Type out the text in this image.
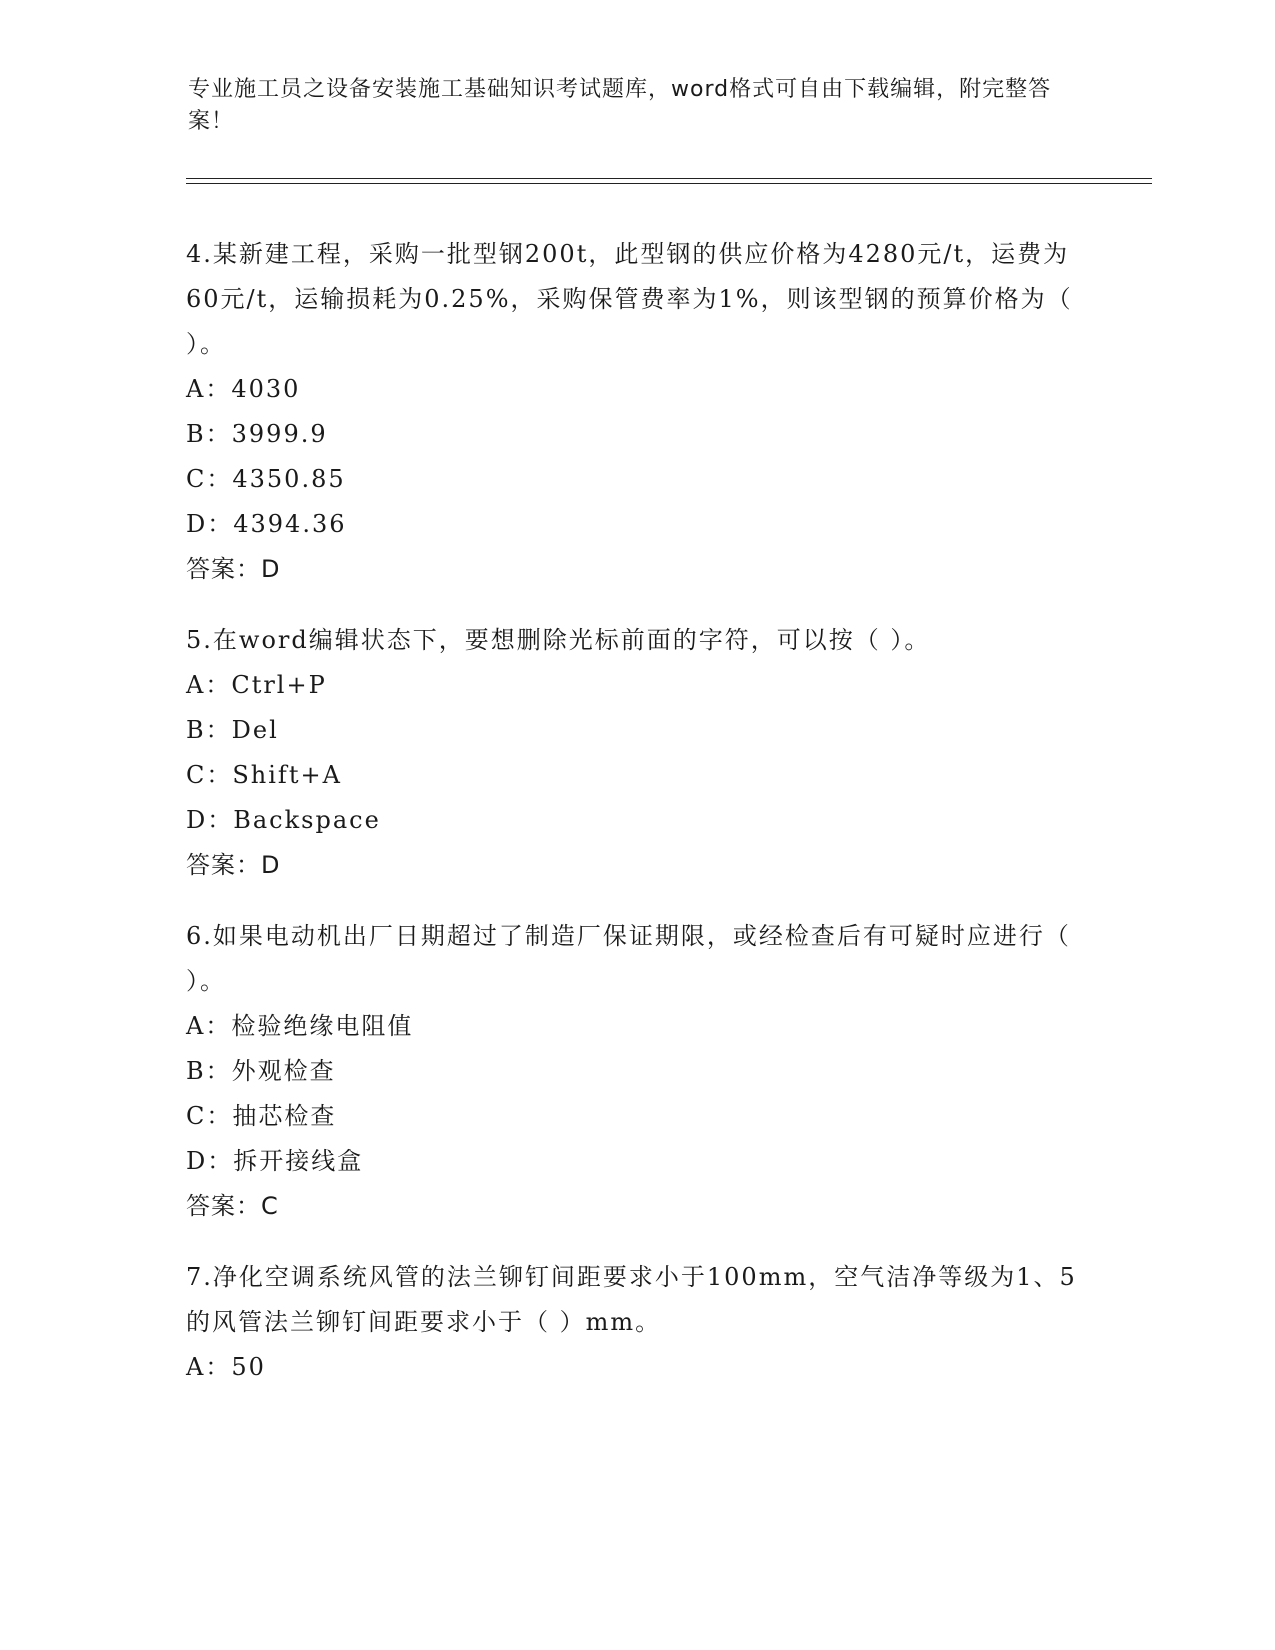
专业施工员之设备安装施工基础知识考试题库，word格式可自由下载编辑，附完整答案！

4.某新建工程，采购一批型钢200t，此型钢的供应价格为4280元/t，运费为60元/t，运输损耗为0.25%，采购保管费率为1%，则该型钢的预算价格为（ ）。

A：4030

B：3999.9

C：4350.85

D：4394.36

答案：D

5.在word编辑状态下，要想删除光标前面的字符，可以按（ ）。

A：Ctrl+P

B：Del

C：Shift+A

D：Backspace

答案：D

6.如果电动机出厂日期超过了制造厂保证期限，或经检查后有可疑时应进行（ ）。

A：检验绝缘电阻值

B：外观检查

C：抽芯检查

D：拆开接线盒

答案：C

7.净化空调系统风管的法兰铆钉间距要求小于100mm，空气洁净等级为1、5的风管法兰铆钉间距要求小于（ ）mm。

A：50
